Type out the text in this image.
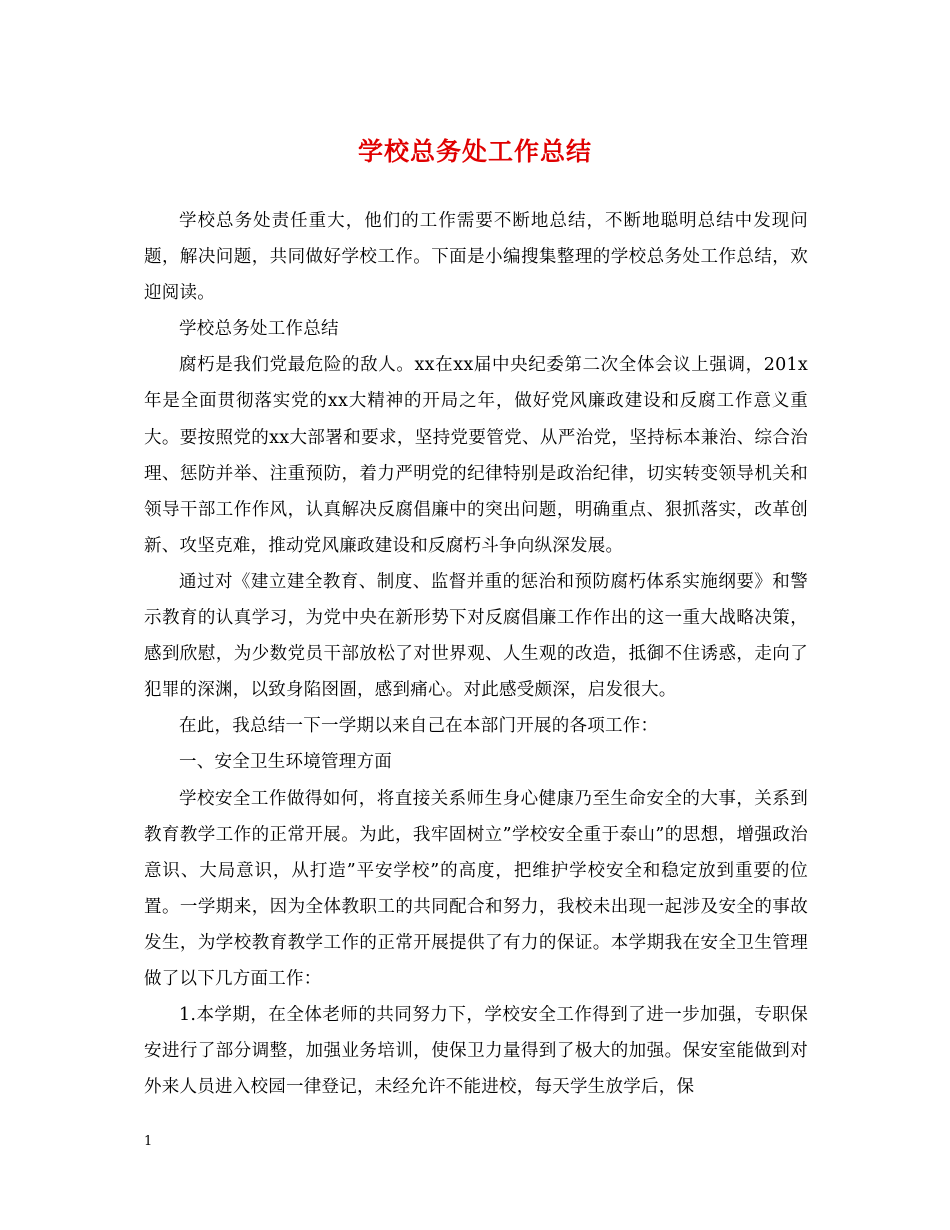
学校总务处工作总结

学校总务处责任重大，他们的工作需要不断地总结，不断地聪明总结中发现问题，解决问题，共同做好学校工作。下面是小编搜集整理的学校总务处工作总结，欢迎阅读。

学校总务处工作总结

腐朽是我们党最危险的敌人。xx在xx届中央纪委第二次全体会议上强调，201x年是全面贯彻落实党的xx大精神的开局之年，做好党风廉政建设和反腐工作意义重大。要按照党的xx大部署和要求，坚持党要管党、从严治党，坚持标本兼治、综合治理、惩防并举、注重预防，着力严明党的纪律特别是政治纪律，切实转变领导机关和领导干部工作作风，认真解决反腐倡廉中的突出问题，明确重点、狠抓落实，改革创新、攻坚克难，推动党风廉政建设和反腐朽斗争向纵深发展。

通过对《建立建全教育、制度、监督并重的惩治和预防腐朽体系实施纲要》和警示教育的认真学习，为党中央在新形势下对反腐倡廉工作作出的这一重大战略决策，感到欣慰，为少数党员干部放松了对世界观、人生观的改造，抵御不住诱惑，走向了犯罪的深渊，以致身陷囹圄，感到痛心。对此感受颇深，启发很大。

在此，我总结一下一学期以来自己在本部门开展的各项工作：

一、安全卫生环境管理方面

学校安全工作做得如何，将直接关系师生身心健康乃至生命安全的大事，关系到教育教学工作的正常开展。为此，我牢固树立”学校安全重于泰山”的思想，增强政治意识、大局意识，从打造”平安学校”的高度，把维护学校安全和稳定放到重要的位置。一学期来，因为全体教职工的共同配合和努力，我校未出现一起涉及安全的事故发生，为学校教育教学工作的正常开展提供了有力的保证。本学期我在安全卫生管理做了以下几方面工作：

1.本学期，在全体老师的共同努力下，学校安全工作得到了进一步加强，专职保安进行了部分调整，加强业务培训，使保卫力量得到了极大的加强。保安室能做到对外来人员进入校园一律登记，未经允许不能进校，每天学生放学后，保

1
